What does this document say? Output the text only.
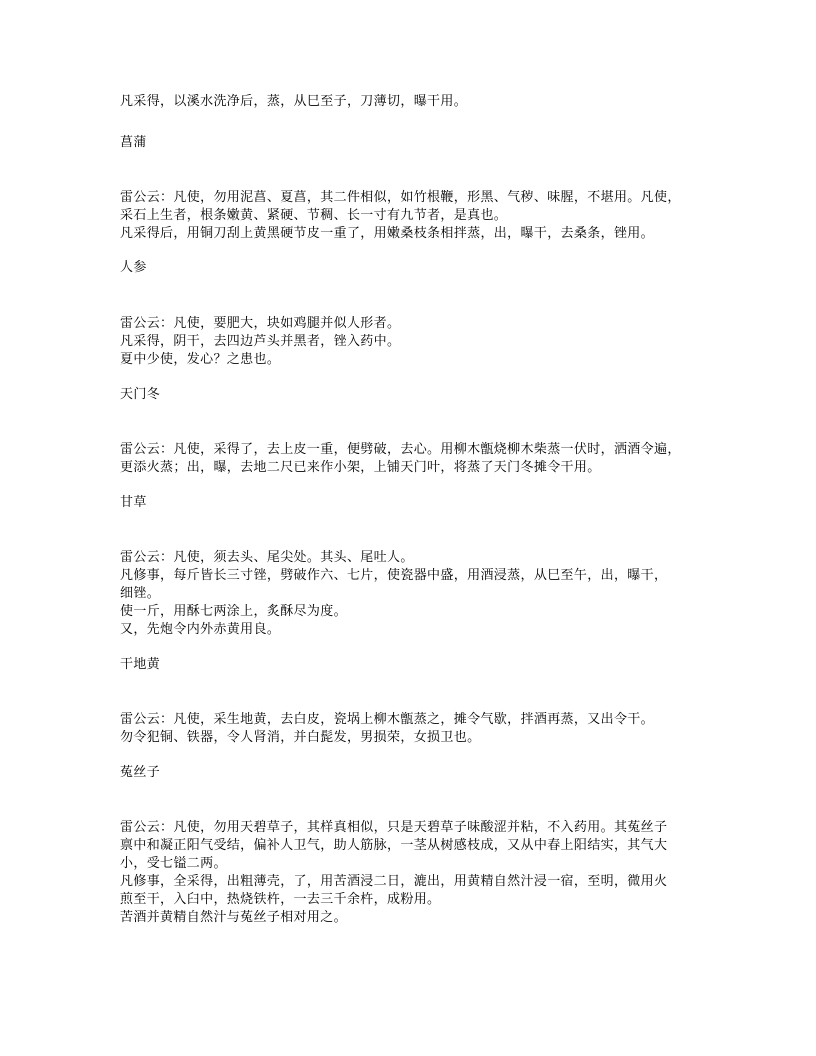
凡采得，以溪水洗净后，蒸，从巳至子，刀薄切，曝干用。
菖蒲
雷公云：凡使，勿用泥菖、夏菖，其二件相似，如竹根鞭，形黑、气秽、味腥，不堪用。凡使，
采石上生者，根条嫩黄、紧硬、节稠、长一寸有九节者，是真也。
凡采得后，用铜刀刮上黄黑硬节皮一重了，用嫩桑枝条相拌蒸，出，曝干，去桑条，锉用。
人参
雷公云：凡使，要肥大，块如鸡腿并似人形者。
凡采得，阴干，去四边芦头并黑者，锉入药中。
夏中少使，发心？之患也。
天门冬
雷公云：凡使，采得了，去上皮一重，便劈破，去心。用柳木甑烧柳木柴蒸一伏时，洒酒令遍，
更添火蒸；出，曝，去地二尺已来作小架，上铺天门叶，将蒸了天门冬摊令干用。
甘草
雷公云：凡使，须去头、尾尖处。其头、尾吐人。
凡修事，每斤皆长三寸锉，劈破作六、七片，使瓷器中盛，用酒浸蒸，从巳至午，出，曝干，
细锉。
使一斤，用酥七两涂上，炙酥尽为度。
又，先炮令内外赤黄用良。
干地黄
雷公云：凡使，采生地黄，去白皮，瓷埚上柳木甑蒸之，摊令气歇，拌酒再蒸，又出令干。
勿令犯铜、铁器，令人肾消，并白髭发，男损荣，女损卫也。
菟丝子
雷公云：凡使，勿用天碧草子，其样真相似，只是天碧草子味酸涩并粘，不入药用。其菟丝子
禀中和凝正阳气受结，偏补人卫气，助人筋脉，一茎从树感枝成，又从中春上阳结实，其气大
小，受七镒二两。
凡修事，全采得，出粗薄壳，了，用苦酒浸二日，漉出，用黄精自然汁浸一宿，至明，微用火
煎至干，入臼中，热烧铁杵，一去三千余杵，成粉用。
苦酒并黄精自然汁与菟丝子相对用之。
